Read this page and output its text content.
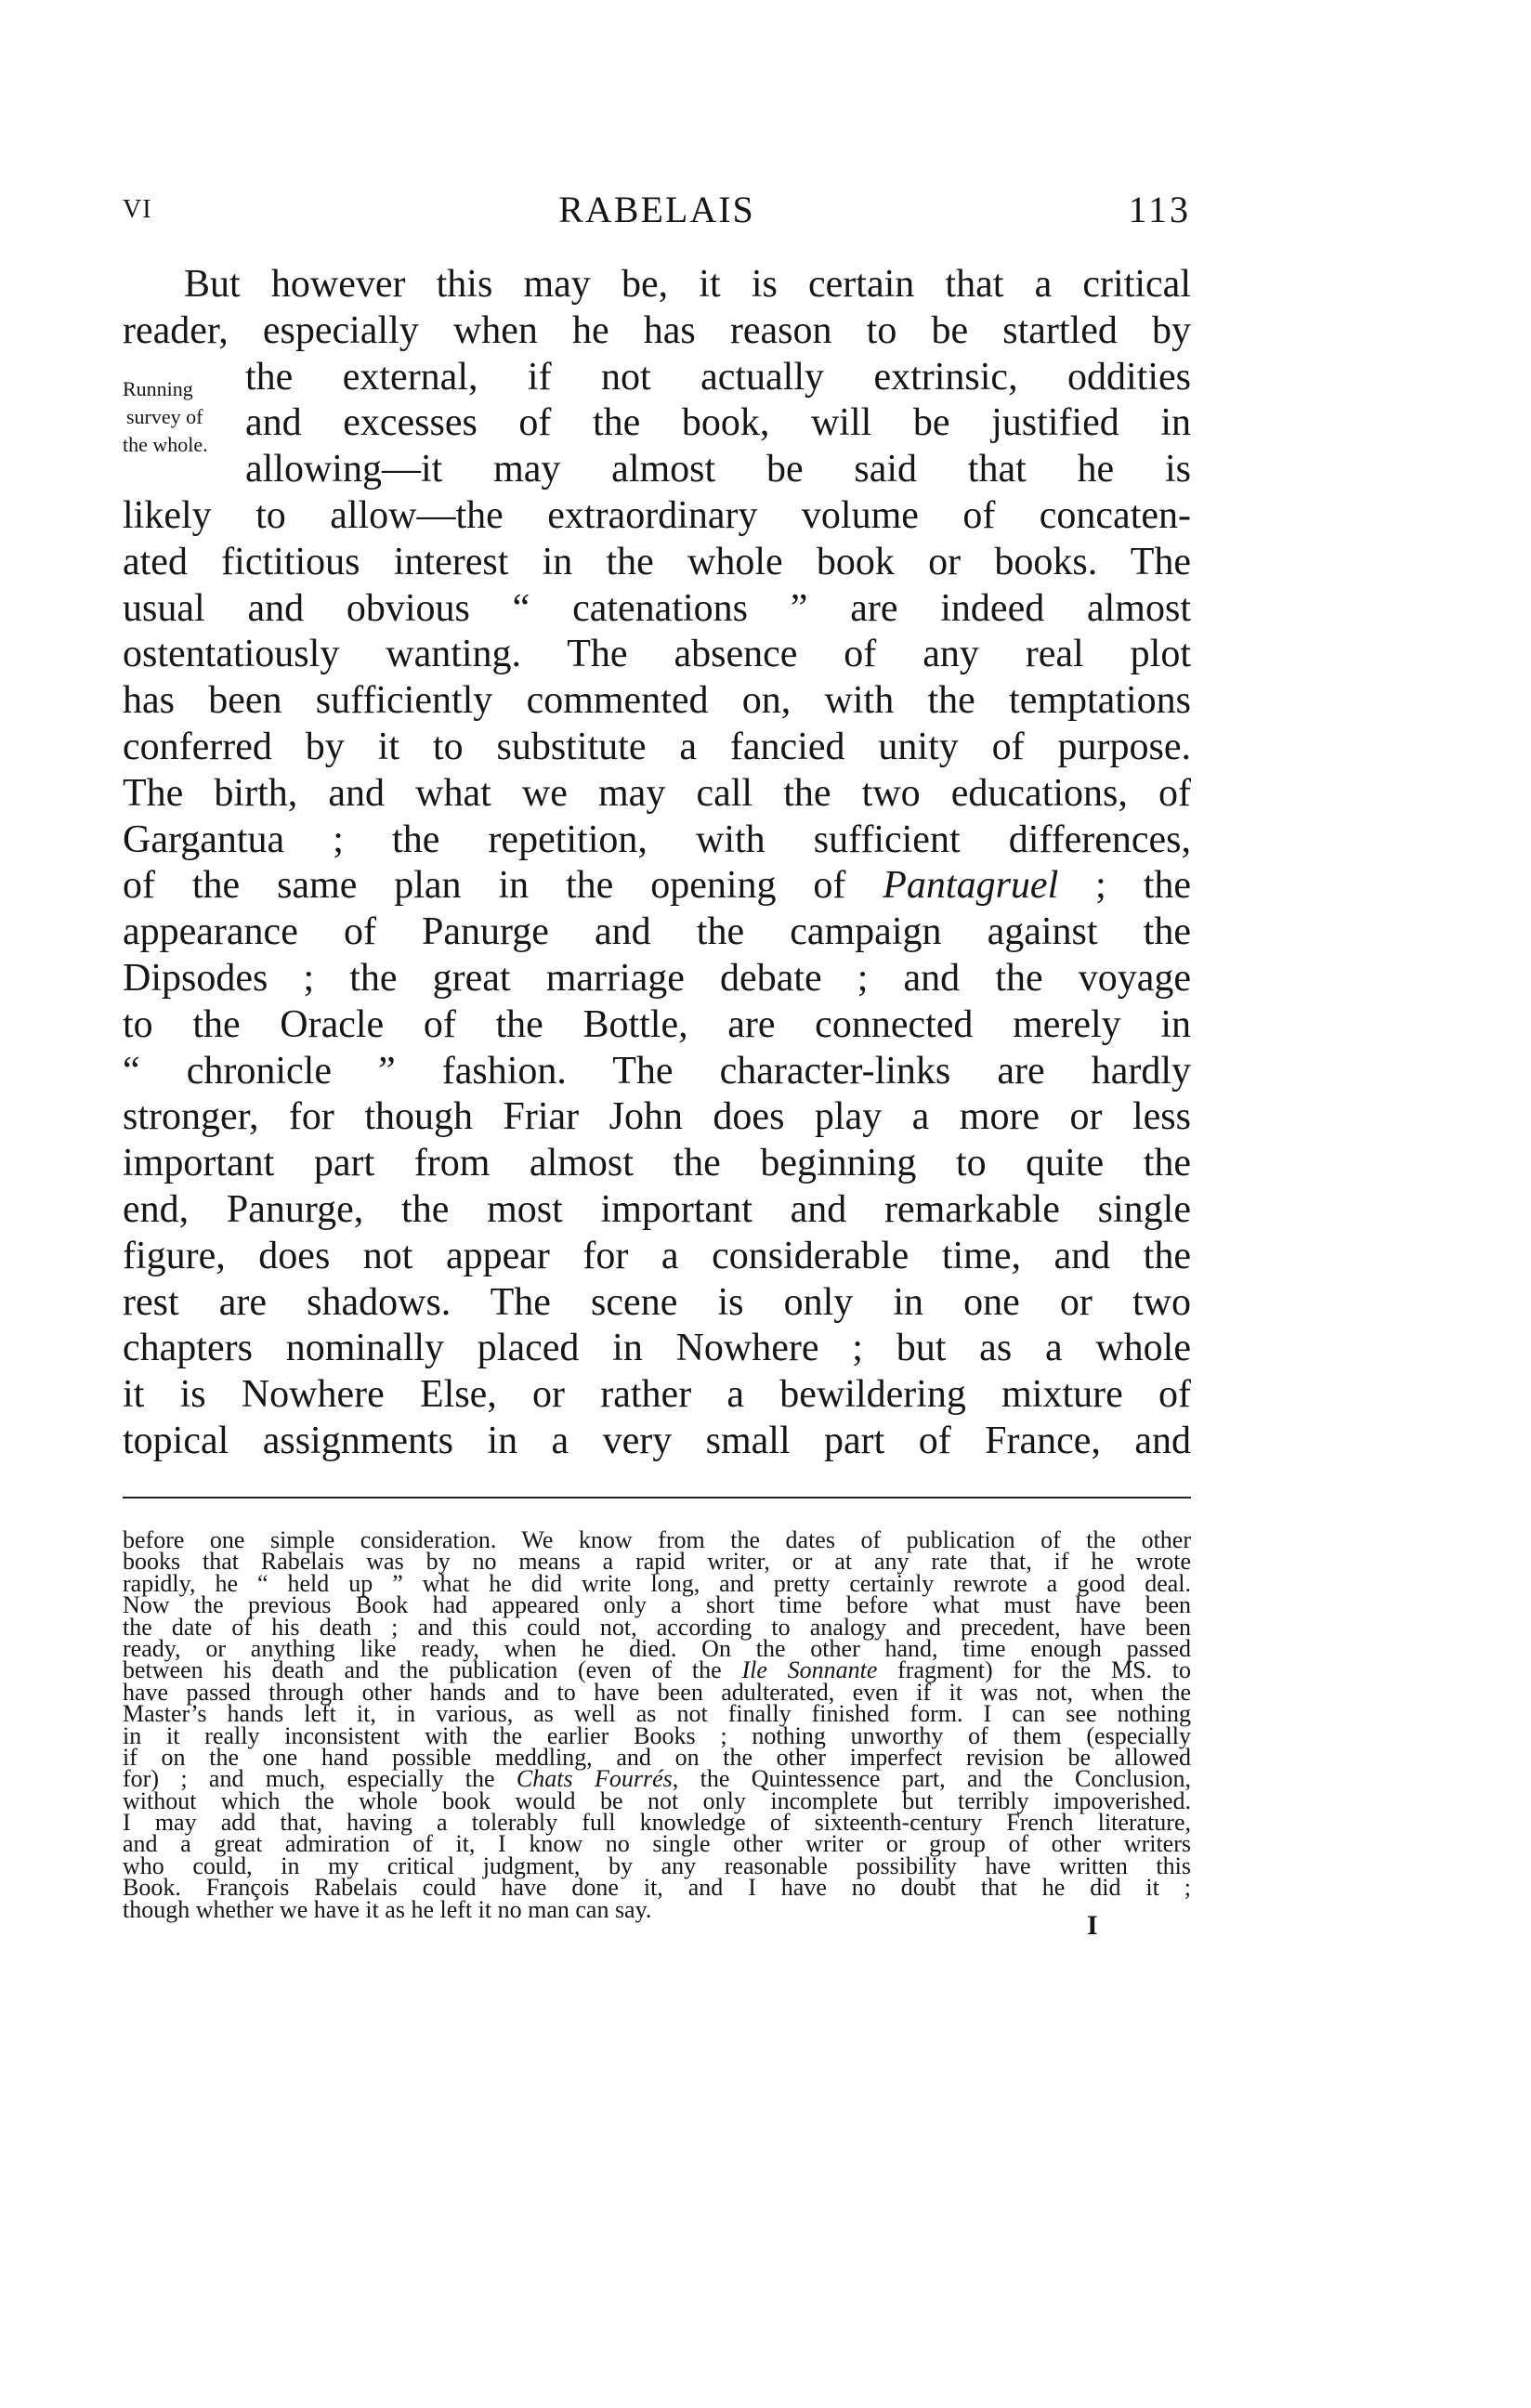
VI	RABELAIS	113
Running
survey of
the whole.
But however this may be, it is certain that a critical
reader, especially when he has reason to be startled by
the external, if not actually extrinsic, oddities
and excesses of the book, will be justified in
allowing—it may almost be said that he is
likely to allow—the extraordinary volume of concaten-
ated fictitious interest in the whole book or books. The
usual and obvious “ catenations ” are indeed almost
ostentatiously wanting. The absence of any real plot
has been sufficiently commented on, with the temptations
conferred by it to substitute a fancied unity of purpose.
The birth, and what we may call the two educations, of
Gargantua ; the repetition, with sufficient differences,
of the same plan in the opening of Pantagruel ; the
appearance of Panurge and the campaign against the
Dipsodes ; the great marriage debate ; and the voyage
to the Oracle of the Bottle, are connected merely in
“ chronicle ” fashion. The character-links are hardly
stronger, for though Friar John does play a more or less
important part from almost the beginning to quite the
end, Panurge, the most important and remarkable single
figure, does not appear for a considerable time, and the
rest are shadows. The scene is only in one or two
chapters nominally placed in Nowhere ; but as a whole
it is Nowhere Else, or rather a bewildering mixture of
topical assignments in a very small part of France, and
before one simple consideration. We know from the dates of publication of the other
books that Rabelais was by no means a rapid writer, or at any rate that, if he wrote
rapidly, he “ held up ” what he did write long, and pretty certainly rewrote a good deal.
Now the previous Book had appeared only a short time before what must have been
the date of his death ; and this could not, according to analogy and precedent, have been
ready, or anything like ready, when he died. On the other hand, time enough passed
between his death and the publication (even of the Ile Sonnante fragment) for the MS. to
have passed through other hands and to have been adulterated, even if it was not, when the
Master’s hands left it, in various, as well as not finally finished form. I can see nothing
in it really inconsistent with the earlier Books ; nothing unworthy of them (especially
if on the one hand possible meddling, and on the other imperfect revision be allowed
for) ; and much, especially the Chats Fourrés, the Quintessence part, and the Conclusion,
without which the whole book would be not only incomplete but terribly impoverished.
I may add that, having a tolerably full knowledge of sixteenth-century French literature,
and a great admiration of it, I know no single other writer or group of other writers
who could, in my critical judgment, by any reasonable possibility have written this
Book. François Rabelais could have done it, and I have no doubt that he did it ;
though whether we have it as he left it no man can say.
I
